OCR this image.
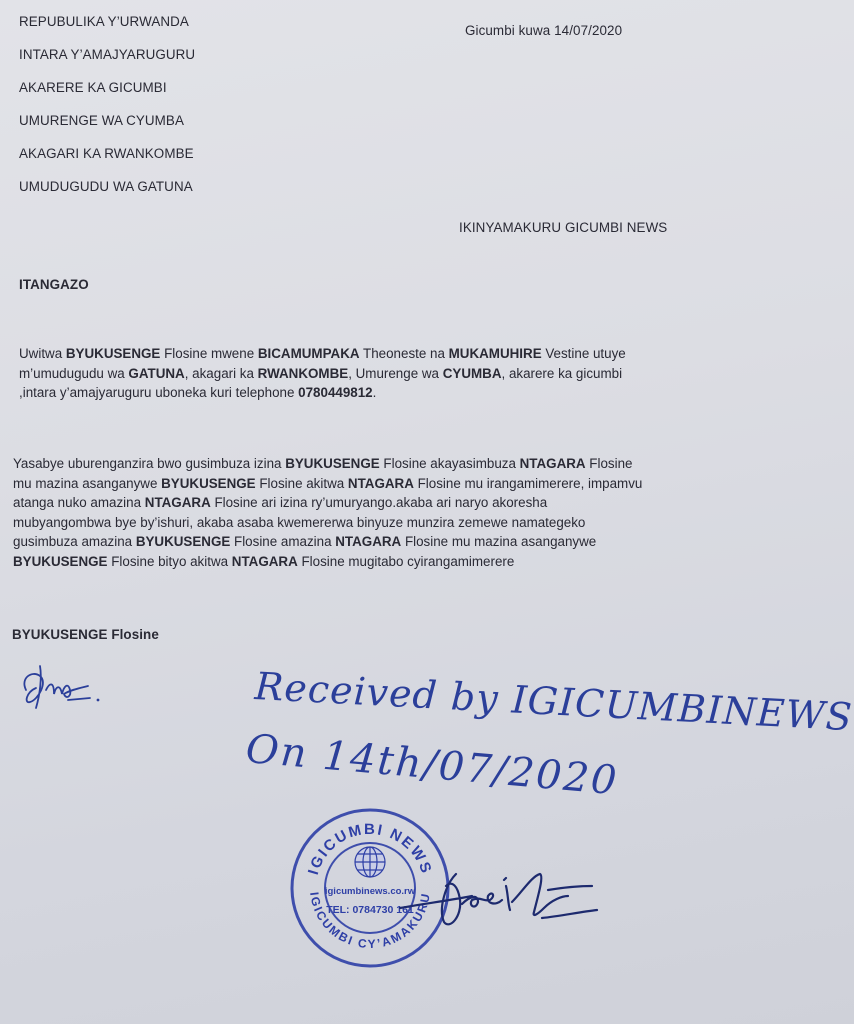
REPUBULIKA Y’URWANDA
INTARA Y’AMAJYARUGURU
AKARERE KA GICUMBI
UMURENGE WA CYUMBA
AKAGARI KA RWANKOMBE
UMUDUGUDU WA GATUNA
Gicumbi kuwa 14/07/2020
IKINYAMAKURU GICUMBI NEWS
ITANGAZO
Uwitwa BYUKUSENGE Flosine mwene BICAMUMPAKA Theoneste na MUKAMUHIRE Vestine utuye
m’umudugudu wa GATUNA, akagari ka RWANKOMBE, Umurenge wa CYUMBA, akarere ka gicumbi
,intara y’amajyaruguru uboneka kuri telephone 0780449812.
Yasabye uburenganzira bwo gusimbuza izina BYUKUSENGE Flosine akayasimbuza NTAGARA Flosine
mu mazina asanganywe BYUKUSENGE Flosine akitwa NTAGARA Flosine mu irangamimerere, impamvu
atanga nuko amazina NTAGARA Flosine ari izina ry’umuryango.akaba ari naryo akoresha
mubyangombwa bye by’ishuri, akaba asaba kwemererwa binyuze munzira zemewe namategeko
gusimbuza amazina BYUKUSENGE Flosine amazina NTAGARA Flosine mu mazina asanganywe
BYUKUSENGE Flosine bityo akitwa NTAGARA Flosine mugitabo cyirangamimerere
BYUKUSENGE Flosine
Received by IGICUMBINEWS
On 14th/07/2020
IGICUMBI NEWS
IGICUMBI CY’AMAKURU
igicumbinews.co.rw
TEL: 0784730 161
